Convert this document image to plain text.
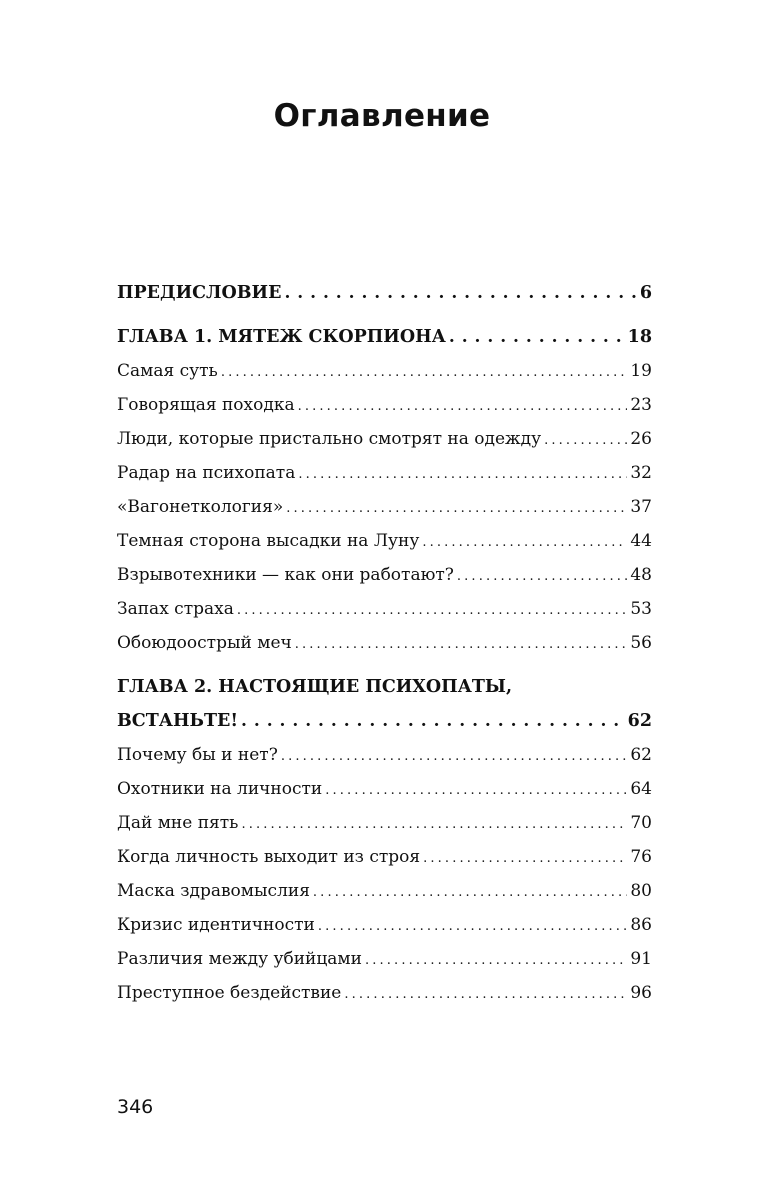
Оглавление
ПРЕДИСЛОВИЕ . . .	6
ГЛАВА 1. МЯТЕЖ СКОРПИОНА . . .	18
Самая суть . . .	19
Говорящая походка . . .	23
Люди, которые пристально смотрят на одежду . . .	26
Радар на психопата . . .	32
«Вагонеткология» . . .	37
Темная сторона высадки на Луну . . .	44
Взрывотехники — как они работают? . . .	48
Запах страха . . .	53
Обоюдоострый меч . . .	56
ГЛАВА 2. НАСТОЯЩИЕ ПСИХОПАТЫ,
ВСТАНЬТЕ! . . .	62
Почему бы и нет? . . .	62
Охотники на личности . . .	64
Дай мне пять . . .	70
Когда личность выходит из строя . . .	76
Маска здравомыслия . . .	80
Кризис идентичности . . .	86
Различия между убийцами . . .	91
Преступное бездействие . . .	96
346
